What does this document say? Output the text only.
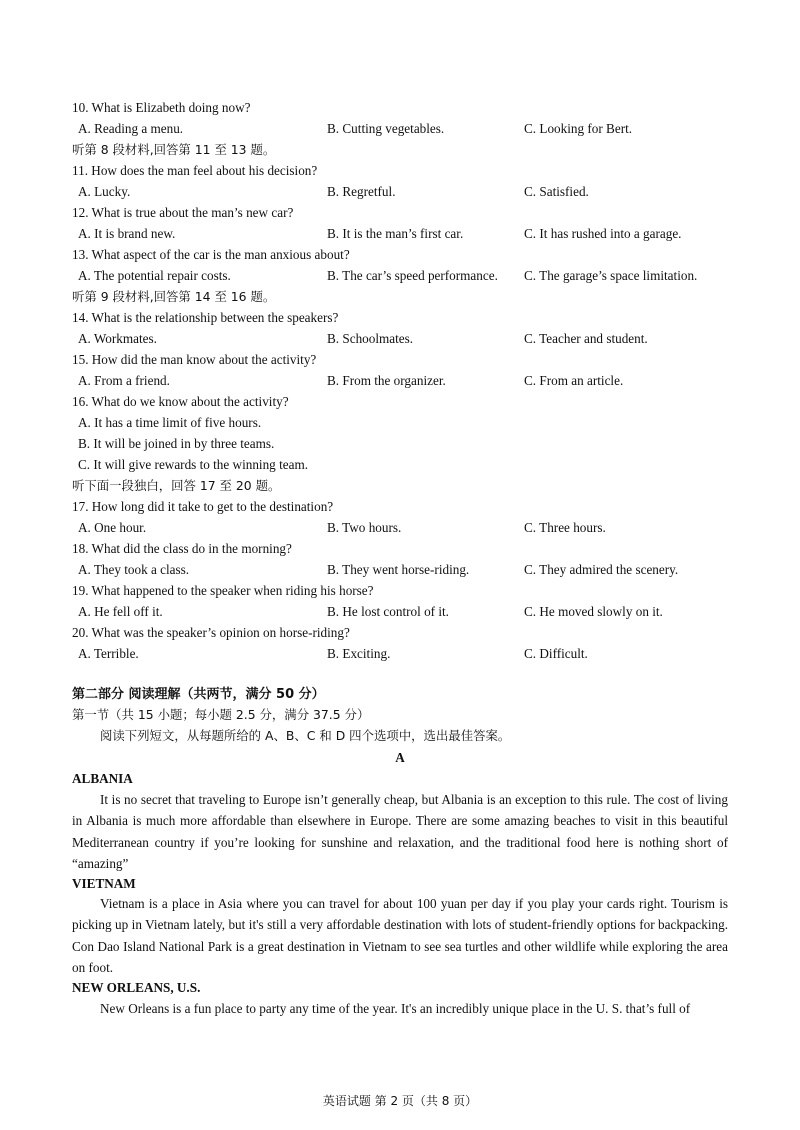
10. What is Elizabeth doing now?
A. Reading a menu.	B. Cutting vegetables.	C. Looking for Bert.
听第 8 段材料,回答第 11 至 13 题。
11. How does the man feel about his decision?
A. Lucky.	B. Regretful.	C. Satisfied.
12. What is true about the man’s new car?
A. It is brand new.	B. It is the man’s first car.	C. It has rushed into a garage.
13. What aspect of the car is the man anxious about?
A. The potential repair costs.	B. The car’s speed performance. C. The garage’s space limitation.
听第 9 段材料,回答第 14 至 16 题。
14. What is the relationship between the speakers?
A. Workmates.	B. Schoolmates.	C. Teacher and student.
15. How did the man know about the activity?
A. From a friend.	B. From the organizer.	C. From an article.
16. What do we know about the activity?
A. It has a time limit of five hours.
B. It will be joined in by three teams.
C. It will give rewards to the winning team.
听下面一段独白，回答 17 至 20 题。
17. How long did it take to get to the destination?
A. One hour.	B. Two hours.	C. Three hours.
18. What did the class do in the morning?
A. They took a class.	B. They went horse-riding.	C. They admired the scenery.
19. What happened to the speaker when riding his horse?
A. He fell off it.	B. He lost control of it.	C. He moved slowly on it.
20. What was the speaker’s opinion on horse-riding?
A. Terrible.	B. Exciting.	C. Difficult.
第二部分 阅读理解（共两节，满分 50 分）
第一节（共 15 小题；每小题 2.5 分，满分 37.5 分）
阅读下列短文，从每题所给的 A、B、C 和 D 四个选项中，选出最佳答案。
A
ALBANIA
It is no secret that traveling to Europe isn’t generally cheap, but Albania is an exception to this rule. The cost of living in Albania is much more affordable than elsewhere in Europe. There are some amazing beaches to visit in this beautiful Mediterranean country if you’re looking for sunshine and relaxation, and the traditional food here is nothing short of “amazing”
VIETNAM
Vietnam is a place in Asia where you can travel for about 100 yuan per day if you play your cards right. Tourism is picking up in Vietnam lately, but it's still a very affordable destination with lots of student-friendly options for backpacking. Con Dao Island National Park is a great destination in Vietnam to see sea turtles and other wildlife while exploring the area on foot.
NEW ORLEANS, U.S.
New Orleans is a fun place to party any time of the year. It's an incredibly unique place in the U. S. that’s full of
英语试题 第 2 页（共 8 页）
